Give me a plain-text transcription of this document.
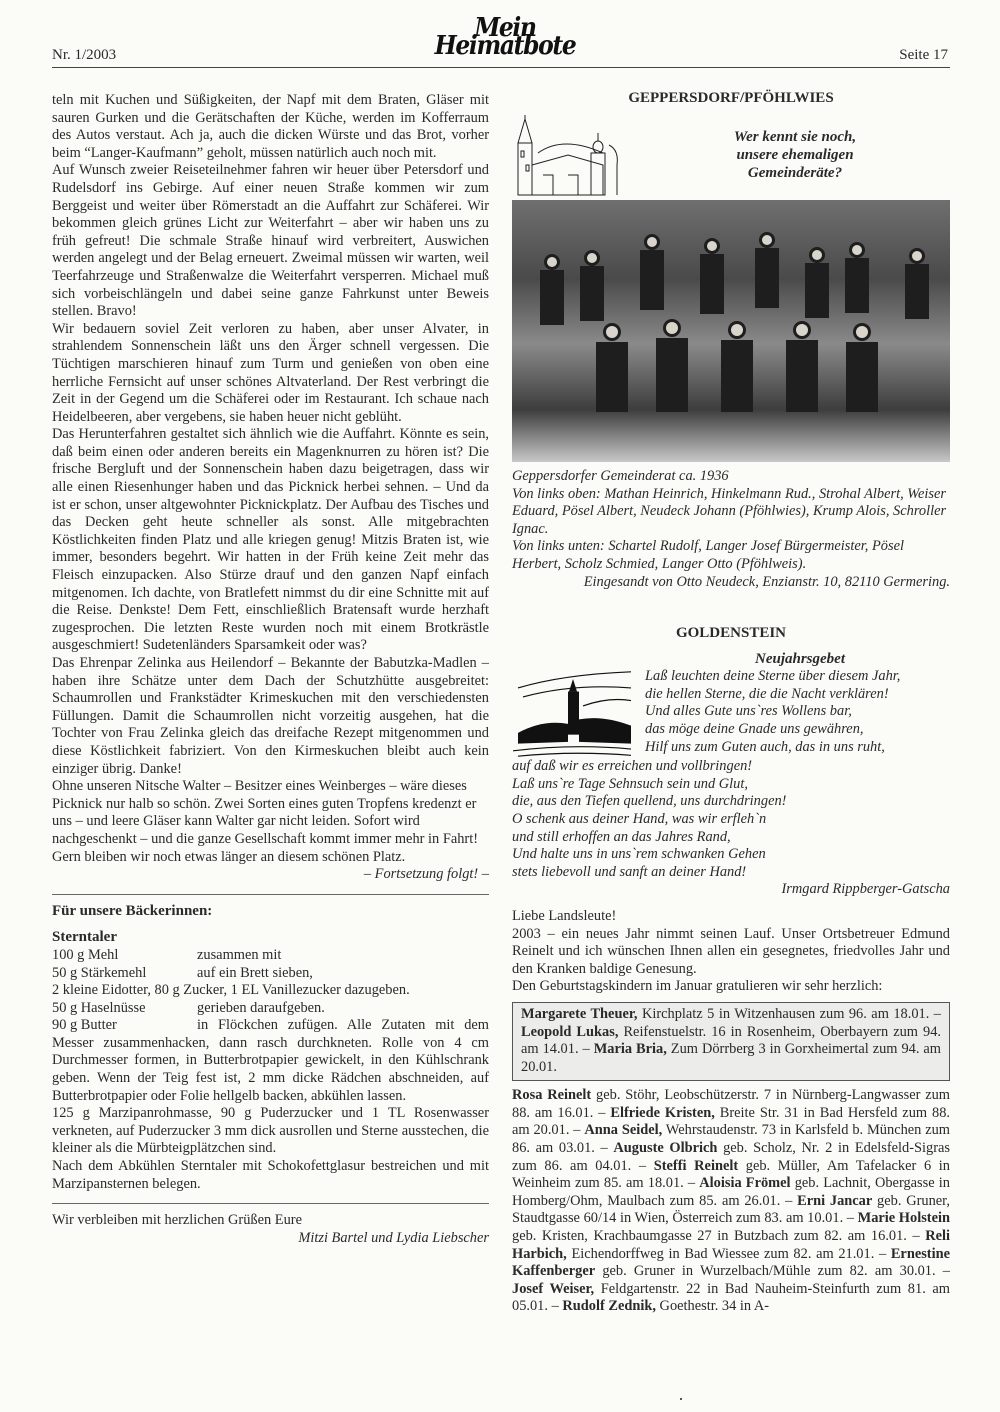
Nr. 1/2003
Mein Heimatbote	Seite 17

teln mit Kuchen und Süßigkeiten, der Napf mit dem Braten, Gläser mit sauren Gurken und die Gerätschaften der Küche, werden im Kofferraum des Autos verstaut. Ach ja, auch die dicken Würste und das Brot, vorher beim “Langer-Kaufmann” geholt, müssen natürlich auch noch mit.

Auf Wunsch zweier Reiseteilnehmer fahren wir heuer über Petersdorf und Rudelsdorf ins Gebirge. Auf einer neuen Straße kommen wir zum Berggeist und weiter über Römerstadt an die Auffahrt zur Schäferei. Wir bekommen gleich grünes Licht zur Weiterfahrt – aber wir haben uns zu früh gefreut! Die schmale Straße hinauf wird verbreitert, Auswichen werden angelegt und der Belag erneuert. Zweimal müssen wir warten, weil Teerfahrzeuge und Straßenwalze die Weiterfahrt versperren. Michael muß sich vorbeischlängeln und dabei seine ganze Fahrkunst unter Beweis stellen. Bravo!

Wir bedauern soviel Zeit verloren zu haben, aber unser Alvater, in strahlendem Sonnenschein läßt uns den Ärger schnell vergessen. Die Tüchtigen marschieren hinauf zum Turm und genießen von oben eine herrliche Fernsicht auf unser schönes Altvaterland. Der Rest verbringt die Zeit in der Gegend um die Schäferei oder im Restaurant. Ich schaue nach Heidelbeeren, aber vergebens, sie haben heuer nicht geblüht.

Das Herunterfahren gestaltet sich ähnlich wie die Auffahrt. Könnte es sein, daß beim einen oder anderen bereits ein Magenknurren zu hören ist? Die frische Bergluft und der Sonnenschein haben dazu beigetragen, dass wir alle einen Riesenhunger haben und das Picknick herbei sehnen. – Und da ist er schon, unser altgewohnter Picknickplatz. Der Aufbau des Tisches und das Decken geht heute schneller als sonst. Alle mitgebrachten Köstlichkeiten finden Platz und alle kriegen genug! Mitzis Braten ist, wie immer, besonders begehrt. Wir hatten in der Früh keine Zeit mehr das Fleisch einzupacken. Also Stürze drauf und den ganzen Napf einfach mitgenomen. Ich dachte, von Bratlefett nimmst du dir eine Schnitte mit auf die Reise. Denkste! Dem Fett, einschließlich Bratensaft wurde herzhaft zugesprochen. Die letzten Reste wurden noch mit einem Brotkrästle ausgeschmiert! Sudetenländers Sparsamkeit oder was?

Das Ehrenpar Zelinka aus Heilendorf – Bekannte der Babutzka-Madlen – haben ihre Schätze unter dem Dach der Schutzhütte ausgebreitet: Schaumrollen und Frankstädter Krimeskuchen mit den verschiedensten Füllungen. Damit die Schaumrollen nicht vorzeitig ausgehen, hat die Tochter von Frau Zelinka gleich das dreifache Rezept mitgenommen und diese Köstlichkeit fabriziert. Von den Kirmeskuchen bleibt auch kein einziger übrig. Danke!

Ohne unseren Nitsche Walter – Besitzer eines Weinberges – wäre dieses Picknick nur halb so schön. Zwei Sorten eines guten Tropfens kredenzt er uns – und leere Gläser kann Walter gar nicht leiden. Sofort wird nachgeschenkt – und die ganze Gesellschaft kommt immer mehr in Fahrt! Gern bleiben wir noch etwas länger an diesem schönen Platz.
– Fortsetzung folgt! –

Für unsere Bäckerinnen:
Sterntaler
100 g Mehl	zusammen mit
50 g Stärkemehl	auf ein Brett sieben,
2 kleine Eidotter, 80 g Zucker, 1 EL Vanillezucker dazugeben.
50 g Haselnüsse	gerieben daraufgeben.
90 g Butter	in Flöckchen zufügen. Alle Zutaten mit dem Messer zusammenhacken, dann rasch durchkneten. Rolle von 4 cm Durchmesser formen, in Butterbrotpapier gewickelt, in den Kühlschrank geben. Wenn der Teig fest ist, 2 mm dicke Rädchen abschneiden, auf Butterbrotpapier oder Folie hellgelb backen, abkühlen lassen.

125 g Marzipanrohmasse, 90 g Puderzucker und 1 TL Rosenwasser verkneten, auf Puderzucker 3 mm dick ausrollen und Sterne ausstechen, die kleiner als die Mürbteigplätzchen sind.

Nach dem Abkühlen Sterntaler mit Schokofettglasur bestreichen und mit Marzipansternen belegen.

Wir verbleiben mit herzlichen Grüßen Eure
Mitzi Bartel und Lydia Liebscher
GEPPERSDORF/PFÖHLWIES
Wer kennt sie noch,
unsere ehemaligen
Gemeinderäte?
Geppersdorfer Gemeinderat ca. 1936
Von links oben: Mathan Heinrich, Hinkelmann Rud., Strohal Albert, Weiser Eduard, Pösel Albert, Neudeck Johann (Pföhlwies), Krump Alois, Schroller Ignac.
Von links unten: Schartel Rudolf, Langer Josef Bürgermeister, Pösel Herbert, Scholz Schmied, Langer Otto (Pföhlweis).
Eingesandt von Otto Neudeck, Enzianstr. 10, 82110 Germering.
GOLDENSTEIN
Neujahrsgebet
Laß leuchten deine Sterne über diesem Jahr,
die hellen Sterne, die die Nacht verklären!
Und alles Gute uns`res Wollens bar,
das möge deine Gnade uns gewähren,
Hilf uns zum Guten auch, das in uns ruht,
auf daß wir es erreichen und vollbringen!
Laß uns`re Tage Sehnsuch sein und Glut,
die, aus den Tiefen quellend, uns durchdringen!
O schenk aus deiner Hand, was wir erfleh`n
und still erhoffen an das Jahres Rand,
Und halte uns in uns`rem schwanken Gehen
stets liebevoll und sanft an deiner Hand!
Irmgard Rippberger-Gatscha
Liebe Landsleute!

2003 – ein neues Jahr nimmt seinen Lauf. Unser Ortsbetreuer Edmund Reinelt und ich wünschen Ihnen allen ein gesegnetes, friedvolles Jahr und den Kranken baldige Genesung.

Den Geburtstagskindern im Januar gratulieren wir sehr herzlich:
Margarete Theuer, Kirchplatz 5 in Witzenhausen zum 96. am 18.01. – Leopold Lukas, Reifenstuelstr. 16 in Rosenheim, Oberbayern zum 94. am 14.01. – Maria Bria, Zum Dörrberg 3 in Gorxheimertal zum 94. am 20.01.
Rosa Reinelt geb. Stöhr, Leobschützerstr. 7 in Nürnberg-Langwasser zum 88. am 16.01. – Elfriede Kristen, Breite Str. 31 in Bad Hersfeld zum 88. am 20.01. – Anna Seidel, Wehrstaudenstr. 73 in Karlsfeld b. München zum 86. am 03.01. – Auguste Olbrich geb. Scholz, Nr. 2 in Edelsfeld-Sigras zum 86. am 04.01. – Steffi Reinelt geb. Müller, Am Tafelacker 6 in Weinheim zum 85. am 18.01. – Aloisia Frömel geb. Lachnit, Obergasse in Homberg/Ohm, Maulbach zum 85. am 26.01. – Erni Jancar geb. Gruner, Staudtgasse 60/14 in Wien, Österreich zum 83. am 10.01. – Marie Holstein geb. Kristen, Krachbaumgasse 27 in Butzbach zum 82. am 16.01. – Reli Harbich, Eichendorffweg in Bad Wiessee zum 82. am 21.01. – Ernestine Kaffenberger geb. Gruner in Wurzelbach/Mühle zum 82. am 30.01. – Josef Weiser, Feldgartenstr. 22 in Bad Nauheim-Steinfurth zum 81. am 05.01. – Rudolf Zednik, Goethestr. 34 in A-
